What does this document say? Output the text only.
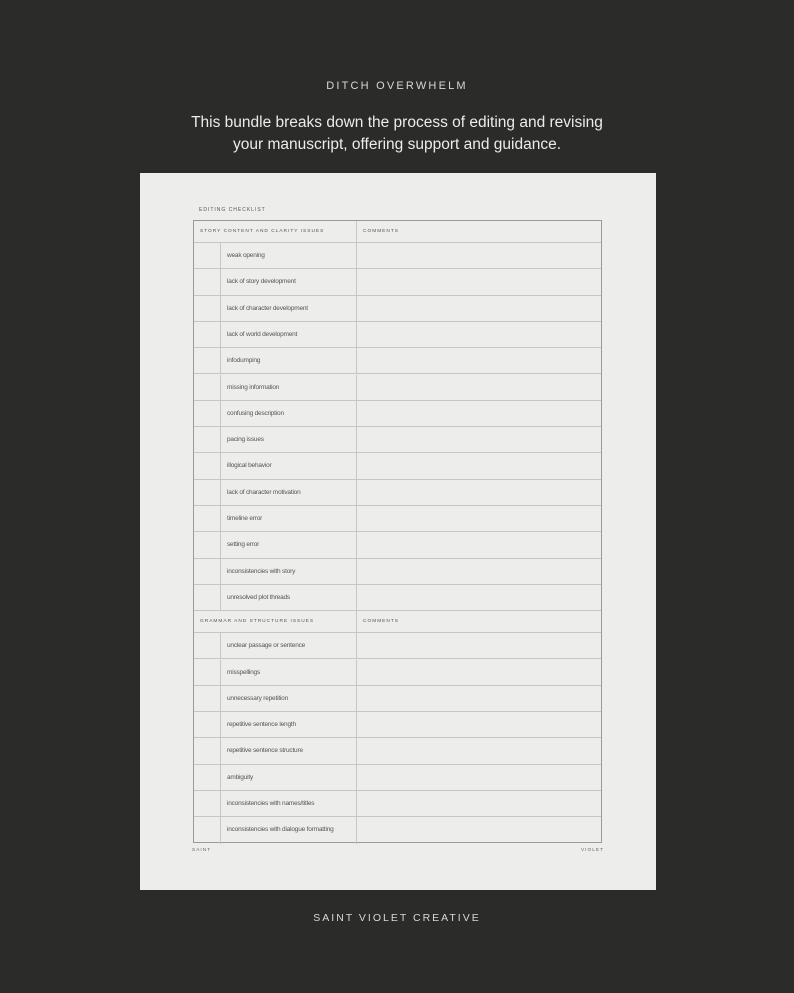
DITCH OVERWHELM
This bundle breaks down the process of editing and revising
your manuscript, offering support and guidance.
EDITING CHECKLIST
STORY CONTENT AND CLARITY ISSUES	COMMENTS
weak opening
lack of story development
lack of character development
lack of world development
infodumping
missing information
confusing description
pacing issues
illogical behavior
lack of character motivation
timeline error
setting error
inconsistencies with story
unresolved plot threads
GRAMMAR AND STRUCTURE ISSUES	COMMENTS
unclear passage or sentence
misspellings
unnecessary repetition
repetitive sentence length
repetitive sentence structure
ambiguity
inconsistencies with names/titles
inconsistencies with dialogue formatting
SAINT	VIOLET
SAINT VIOLET CREATIVE
